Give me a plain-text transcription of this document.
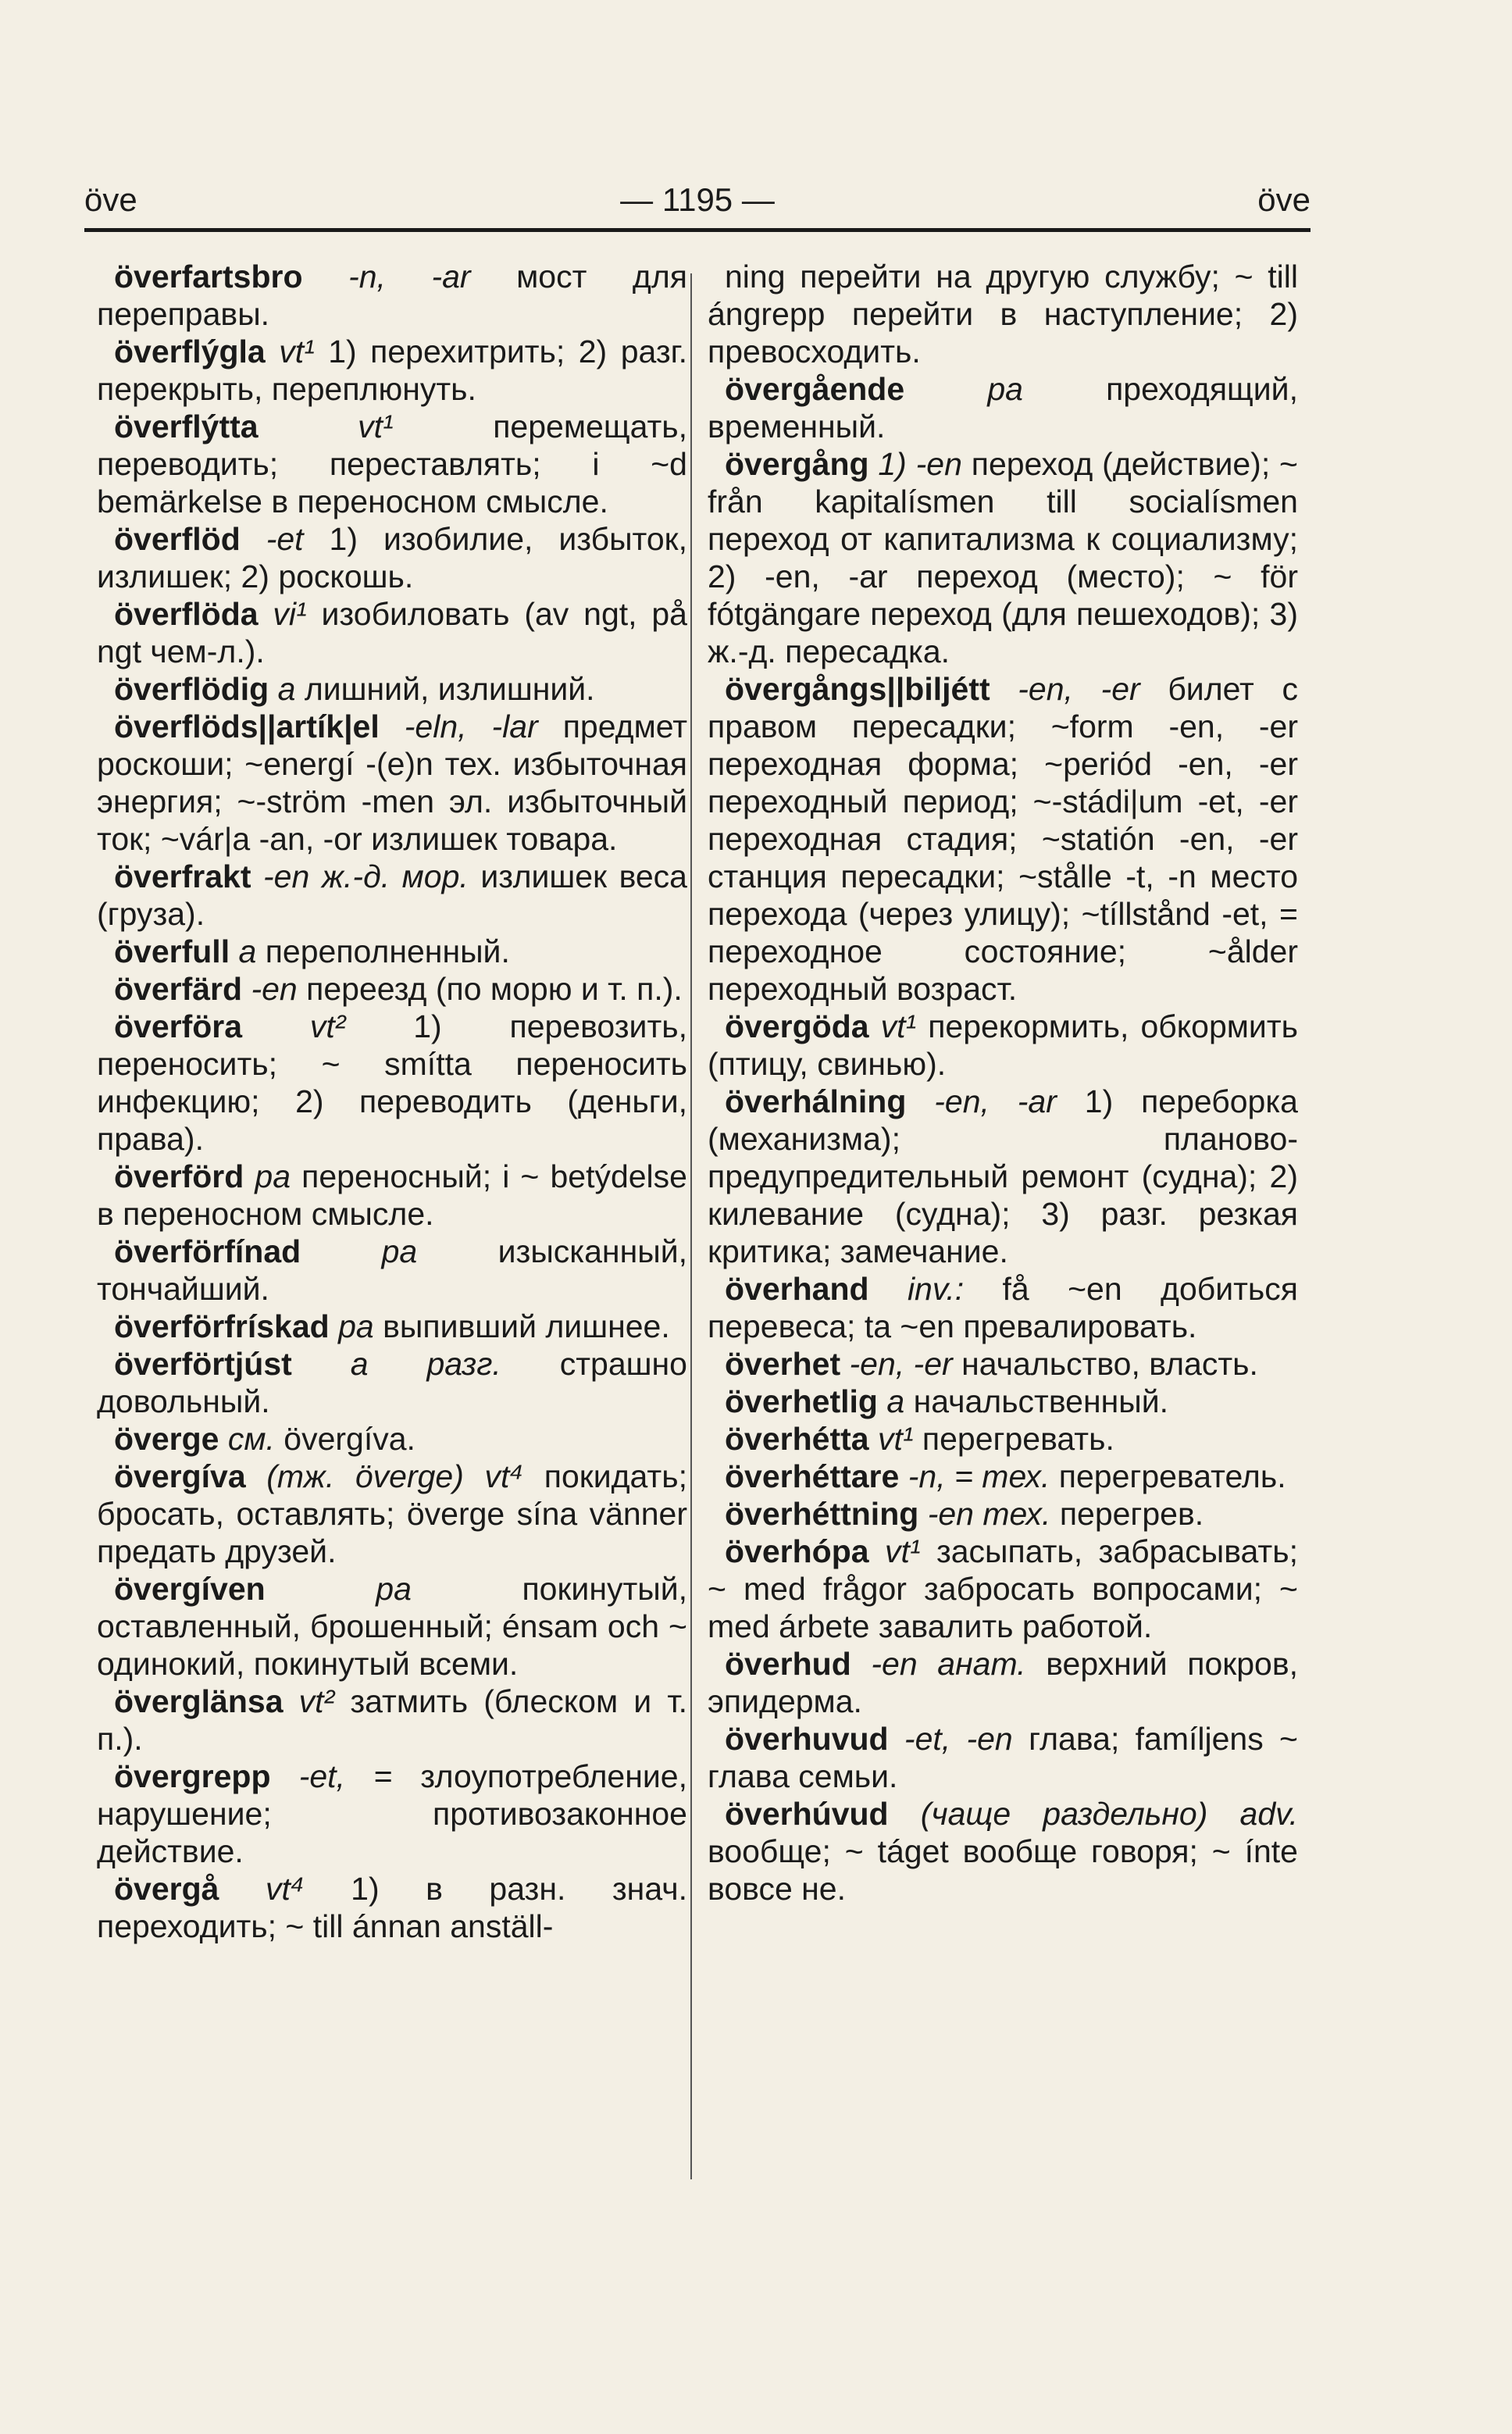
öve	— 1195 —	öve

överfartsbro -n, -ar мост для переправы.

överflýgla vt¹ 1) перехитрить; 2) разг. перекрыть, переплюнуть.

överflýtta	vt¹	перемещать, переводить; переставлять; i ~d bemärkelse в переносном смысле.

överflöd -et 1) изобилие, избыток, излишек; 2) роскошь.

överflöda vi¹ изобиловать (av ngt, på ngt чем-л.).

överflödig a лишний, излишний.

överflöds||artík|el -eln, -lar предмет роскоши; ~energí -(e)n тех. избыточная энергия; ~-ström -men эл. избыточный ток; ~vár|a -an, -or излишек товара.

överfrakt -en ж.-д. мор. излишек веса (груза).

överfull a переполненный.

överfärd -en переезд (по морю и т. п.).

överföra vt² 1) перевозить, переносить; ~ smítta переносить инфекцию; 2) переводить (деньги, права).

överförd pa переносный; i ~ betýdelse в переносном смысле.

överförfínad	pa	изысканный, тончайший.

överförfrískad pa выпивший лишнее.

överförtjúst a разг. страшно довольный.

överge см. övergíva.

övergíva (тж. överge) vt⁴ покидать; бросать, оставлять; överge sína vänner предать друзей.

övergíven	pa	покинутый, оставленный, брошенный; énsam och ~ одинокий, покинутый всеми.

överglänsa vt² затмить (блеском и т. п.).

övergrepp -et, = злоупотребление, нарушение; противозаконное действие.

övergå vt⁴ 1) в разн. знач. переходить; ~ till ánnan anställ-

ning перейти на другую службу; ~ till ángrepp перейти в наступление; 2) превосходить.

övergående	pa	преходящий, временный.

övergång 1) -en переход (действие); ~ från kapitalísmen till socialísmen переход от капитализма к социализму; 2) -en, -ar переход (место); ~ för fótgängare переход (для пешеходов); 3) ж.-д. пересадка.

övergångs||biljétt -en, -er билет с правом пересадки; ~form -en, -er переходная форма; ~periód -en, -er переходный период; ~-stádi|um -et, -er переходная стадия; ~statión -en, -er станция пересадки; ~stålle -t, -n место перехода (через улицу); ~tíllstånd -et, = переходное состояние; ~ålder переходный возраст.

övergöda vt¹ перекормить, обкормить (птицу, свинью).

överhálning -en, -ar 1) переборка (механизма); планово-предупредительный ремонт (судна); 2) килевание (судна); 3) разг. резкая критика; замечание.

överhand inv.: få ~en добиться перевеса; ta ~en превалировать.

överhet -en, -er начальство, власть.

överhetlig a начальственный.

överhétta vt¹ перегревать.

överhéttare -n, = тех. перегреватель.

överhéttning -en тех. перегрев.

överhópa vt¹ засыпать, забрасывать; ~ med frågor забросать вопросами; ~ med árbete завалить работой.

överhud -en анат. верхний покров, эпидерма.

överhuvud -et, -en глава; famíljens ~ глава семьи.

överhúvud (чаще раздельно) adv. вообще; ~ táget вообще говоря; ~ ínte вовсе не.
